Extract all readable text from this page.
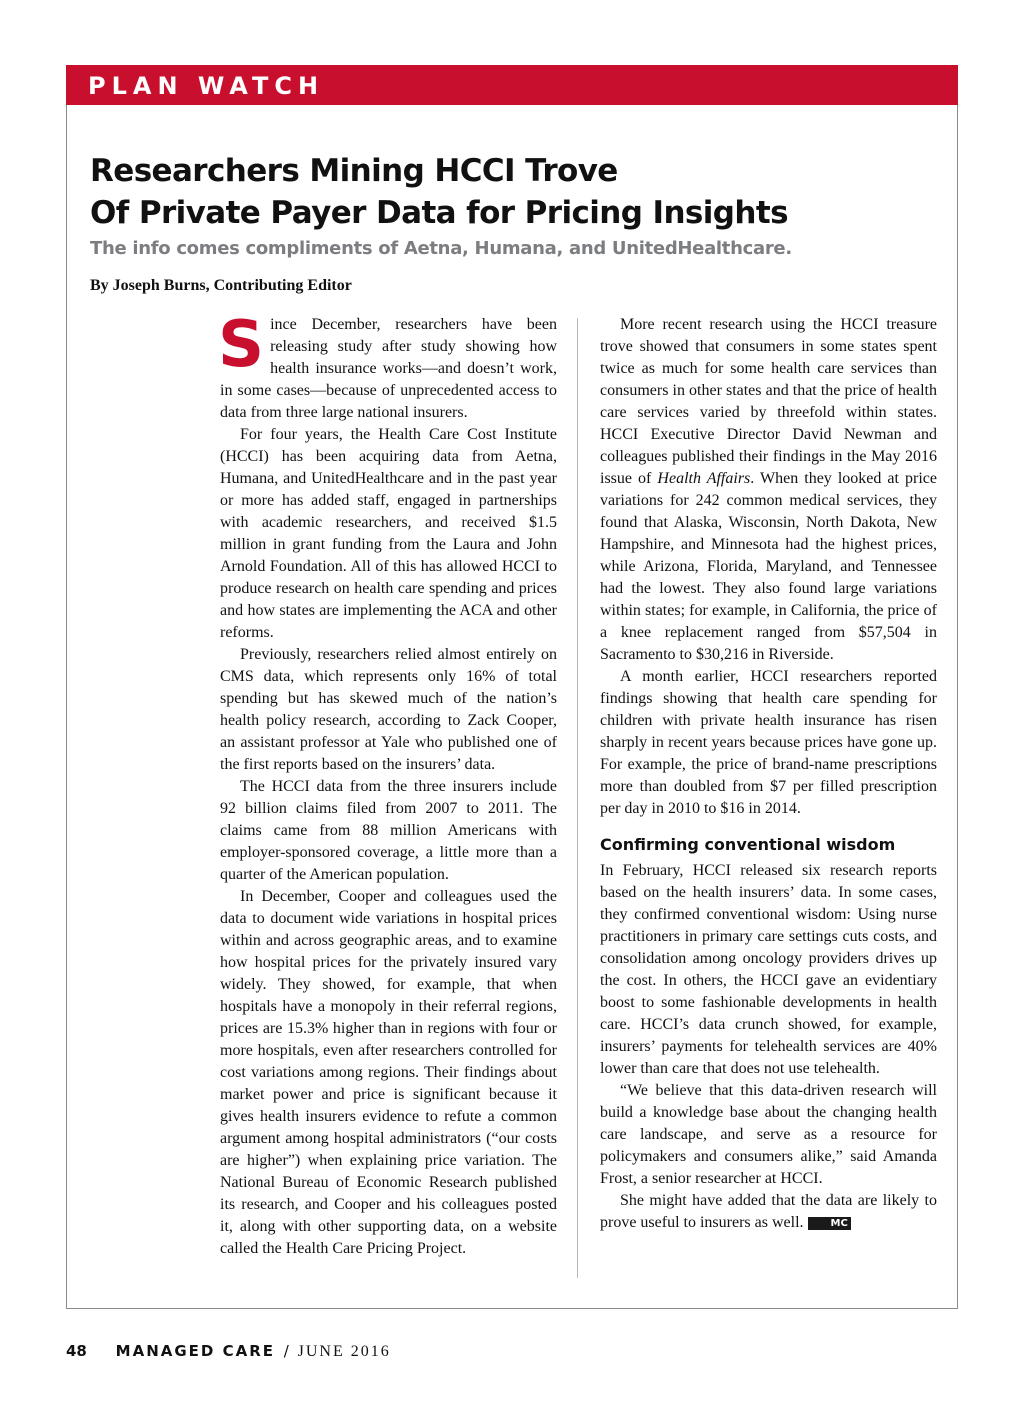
PLAN WATCH
Researchers Mining HCCI Trove
Of Private Payer Data for Pricing Insights
The info comes compliments of Aetna, Humana, and UnitedHealthcare.
By Joseph Burns, Contributing Editor

Since December, researchers have been releasing study after study showing how health insurance works—and doesn’t work, in some cases—because of unprecedented access to data from three large national insurers.

For four years, the Health Care Cost Institute (HCCI) has been acquiring data from Aetna, Humana, and UnitedHealthcare and in the past year or more has added staff, engaged in partnerships with academic researchers, and received $1.5 million in grant funding from the Laura and John Arnold Foundation. All of this has allowed HCCI to produce research on health care spending and prices and how states are implementing the ACA and other reforms.

Previously, researchers relied almost entirely on CMS data, which represents only 16% of total spending but has skewed much of the nation’s health policy research, according to Zack Cooper, an assistant professor at Yale who published one of the first reports based on the insurers’ data.

The HCCI data from the three insurers include 92 billion claims filed from 2007 to 2011. The claims came from 88 million Americans with employer-sponsored coverage, a little more than a quarter of the American population.

In December, Cooper and colleagues used the data to document wide variations in hospital prices within and across geographic areas, and to examine how hospital prices for the privately insured vary widely. They showed, for example, that when hospitals have a monopoly in their referral regions, prices are 15.3% higher than in regions with four or more hospitals, even after researchers controlled for cost variations among regions. Their findings about market power and price is significant because it gives health insurers evidence to refute a common argument among hospital administrators (“our costs are higher”) when explaining price variation. The National Bureau of Economic Research published its research, and Cooper and his colleagues posted it, along with other supporting data, on a website called the Health Care Pricing Project.

More recent research using the HCCI treasure trove showed that consumers in some states spent twice as much for some health care services than consumers in other states and that the price of health care services varied by threefold within states. HCCI Executive Director David Newman and colleagues published their findings in the May 2016 issue of Health Affairs. When they looked at price variations for 242 common medical services, they found that Alaska, Wisconsin, North Dakota, New Hampshire, and Minnesota had the highest prices, while Arizona, Florida, Maryland, and Tennessee had the lowest. They also found large variations within states; for example, in California, the price of a knee replacement ranged from $57,504 in Sacramento to $30,216 in Riverside.

A month earlier, HCCI researchers reported findings showing that health care spending for children with private health insurance has risen sharply in recent years because prices have gone up. For example, the price of brand-name prescriptions more than doubled from $7 per filled prescription per day in 2010 to $16 in 2014.

Confirming conventional wisdom

In February, HCCI released six research reports based on the health insurers’ data. In some cases, they confirmed conventional wisdom: Using nurse practitioners in primary care settings cuts costs, and consolidation among oncology providers drives up the cost. In others, the HCCI gave an evidentiary boost to some fashionable developments in health care. HCCI’s data crunch showed, for example, insurers’ payments for telehealth services are 40% lower than care that does not use telehealth.

“We believe that this data-driven research will build a knowledge base about the changing health care landscape, and serve as a resource for policymakers and consumers alike,” said Amanda Frost, a senior researcher at HCCI.

She might have added that the data are likely to prove useful to insurers as well.	MC

48 MANAGED CARE / JUNE 2016
